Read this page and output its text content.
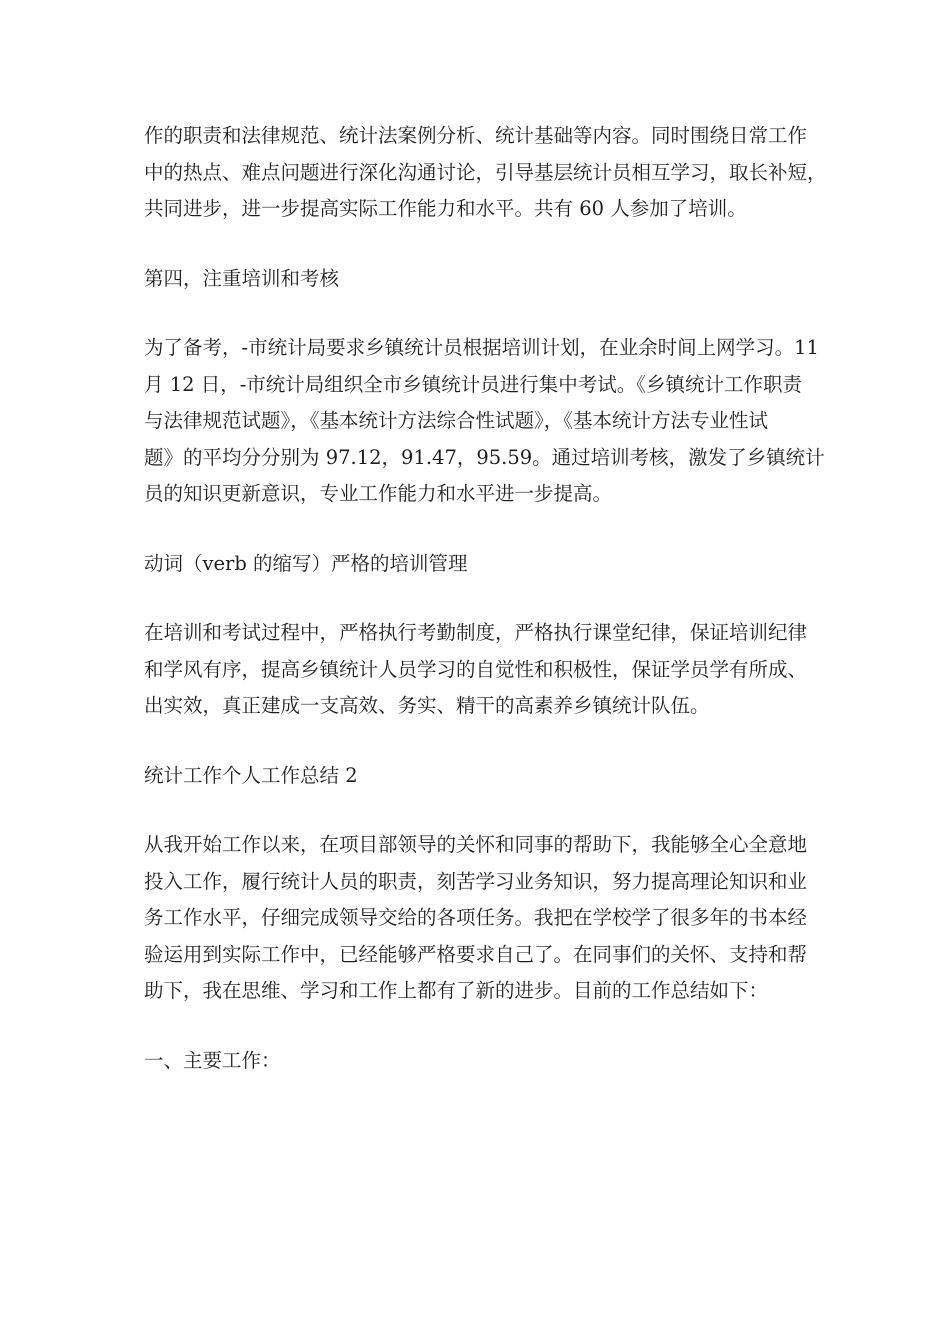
作的职责和法律规范、统计法案例分析、统计基础等内容。同时围绕日常工作
中的热点、难点问题进行深化沟通讨论，引导基层统计员相互学习，取长补短，
共同进步，进一步提高实际工作能力和水平。共有 60 人参加了培训。

第四，注重培训和考核

为了备考，-市统计局要求乡镇统计员根据培训计划，在业余时间上网学习。11
月 12 日，-市统计局组织全市乡镇统计员进行集中考试。《乡镇统计工作职责
与法律规范试题》，《基本统计方法综合性试题》，《基本统计方法专业性试
题》的平均分分别为 97.12，91.47，95.59。通过培训考核，激发了乡镇统计
员的知识更新意识，专业工作能力和水平进一步提高。

动词（verb 的缩写）严格的培训管理

在培训和考试过程中，严格执行考勤制度，严格执行课堂纪律，保证培训纪律
和学风有序，提高乡镇统计人员学习的自觉性和积极性，保证学员学有所成、
出实效，真正建成一支高效、务实、精干的高素养乡镇统计队伍。

统计工作个人工作总结 2

从我开始工作以来，在项目部领导的关怀和同事的帮助下，我能够全心全意地
投入工作，履行统计人员的职责，刻苦学习业务知识，努力提高理论知识和业
务工作水平，仔细完成领导交给的各项任务。我把在学校学了很多年的书本经
验运用到实际工作中，已经能够严格要求自己了。在同事们的关怀、支持和帮
助下，我在思维、学习和工作上都有了新的进步。目前的工作总结如下：

一、主要工作：
